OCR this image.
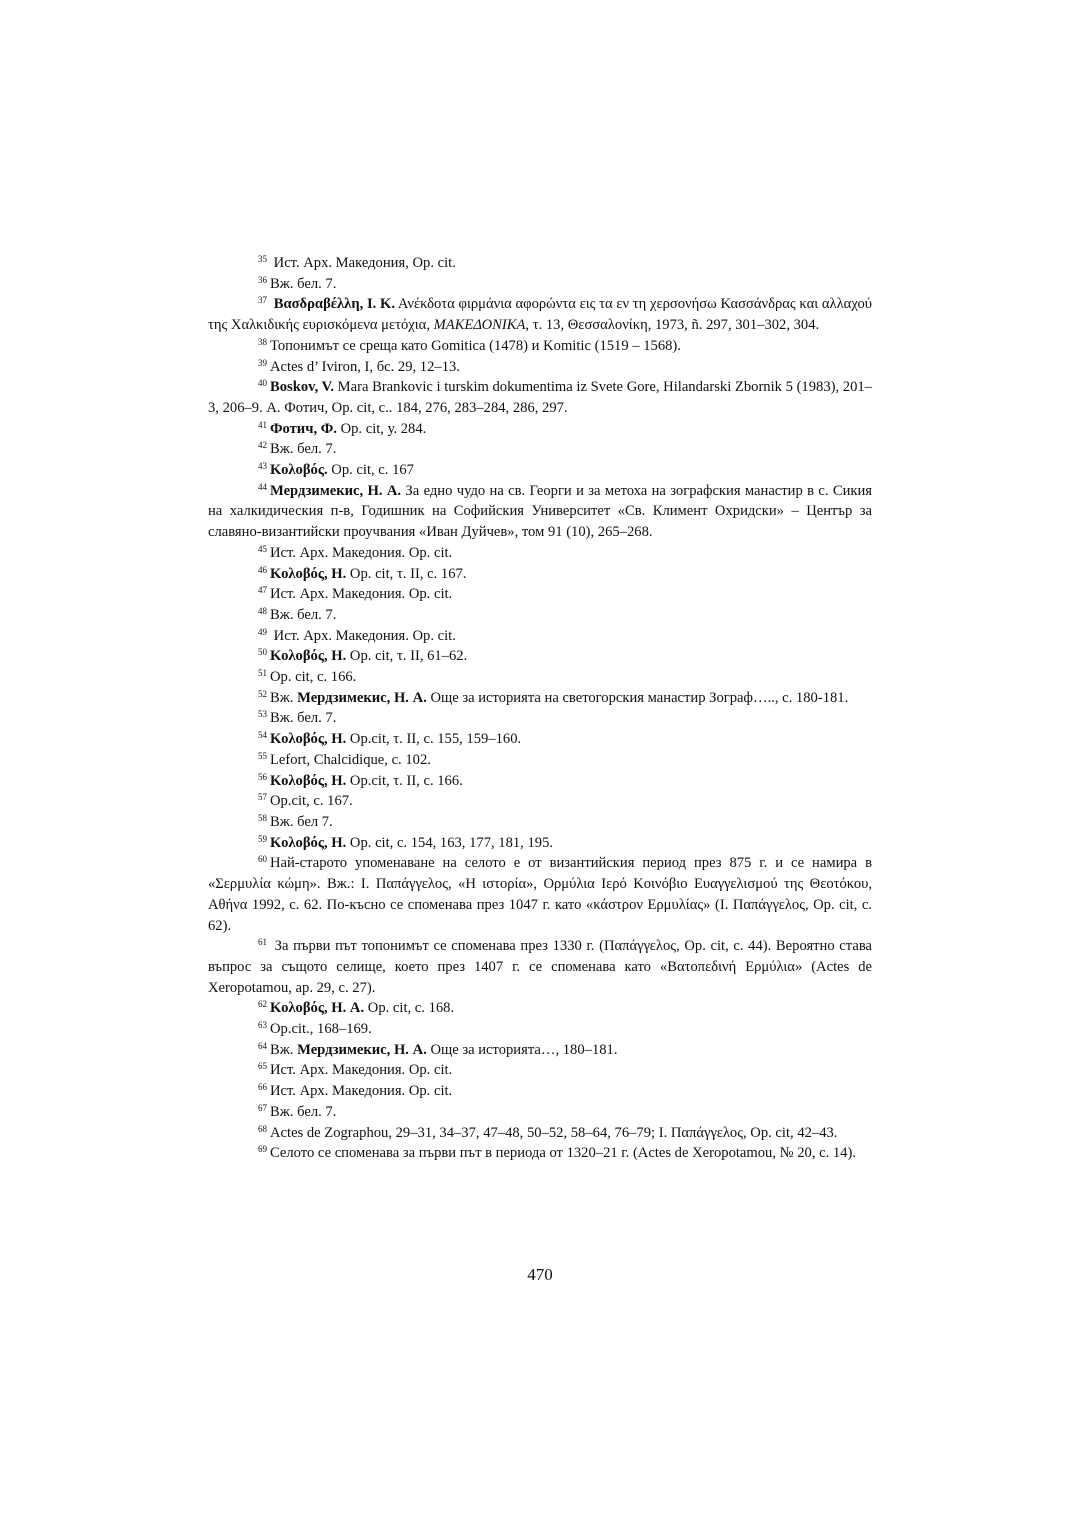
$^{35}$ Ист. Арх. Македония, Op. cit.

$^{36}$ Вж. бел. 7.

$^{37}$ Βασδραβέλλη, Ι. Κ. Ανέκδοτα φιρμάνια αφορώντα εις τα εν τη χερσονήσω Κασσάνδρας και αλλαχού της Χαλκιδικής ευρισκόμενα μετόχια, ΜΑΚΕΔΟΝΙΚΑ, τ. 13, Θεσσαλονίκη, 1973, ñ. 297, 301–302, 304.

$^{38}$ Топонимът се среща като Gomitica (1478) и Komitic (1519 – 1568).

$^{39}$ Actes d’ Iviron, I, бс. 29, 12–13.

$^{40}$ Boskov, V. Mara Brankovic i turskim dokumentima iz Svete Gore, Hilandarski Zbornik 5 (1983), 201–3, 206–9. А. Фотич, Op. cit, с.. 184, 276, 283–284, 286, 297.

$^{41}$ Фотич, Ф. Op. cit, у. 284.

$^{42}$ Вж. бел. 7.

$^{43}$ Κολοβός. Op. cit, с. 167

$^{44}$ Мердзимекис, Н. А. За едно чудо на св. Георги и за метоха на зографския манастир в с. Сикия на халкидическия п-в, Годишник на Софийския Университет «Св. Климент Охридски» – Център за славяно-византийски проучвания «Иван Дуйчев», том 91 (10), 265–268.

$^{45}$ Ист. Арх. Македония. Op. cit.

$^{46}$ Κολοβός, Η. Op. cit, τ. ΙΙ, с. 167.

$^{47}$ Ист. Арх. Македония. Op. cit.

$^{48}$ Вж. бел. 7.

$^{49}$ Ист. Арх. Македония. Op. cit.

$^{50}$ Κολοβός, Η. Op. cit, τ. ΙΙ, 61–62.

$^{51}$ Op. cit, с. 166.

$^{52}$ Вж. Мердзимекис, Н. А. Още за историята на светогорския манастир Зограф….., с. 180-181.

$^{53}$ Вж. бел. 7.

$^{54}$ Κολοβός, Η. Op.cit, τ. ΙΙ, с. 155, 159–160.

$^{55}$ Lefort, Chalcidique, с. 102.

$^{56}$ Κολοβός, Η. Op.cit, τ. ΙΙ, с. 166.

$^{57}$ Op.cit, с. 167.

$^{58}$ Вж. бел 7.

$^{59}$ Κολοβός, Η. Op. cit, с. 154, 163, 177, 181, 195.

$^{60}$ Най-старото упоменаване на селото е от византийския период през 875 г. и се намира в «Σερμυλία κώμη». Вж.: I. Παπάγγελος, «Η ιστορία», Ορμύλια Ιερό Κοινόβιο Ευαγγελισμού της Θεοτόκου, Αθήνα 1992, с. 62. По-късно се споменава през 1047 г. като «κάστρον Ερμυλίας» (I. Παπάγγελος, Op. cit, с. 62).

$^{61}$ За първи път топонимът се споменава през 1330 г. (Παπάγγελος, Op. cit, с. 44). Вероятно става въпрос за същото селище, което през 1407 г. се споменава като «Βατοπεδινή Ερμύλια» (Actes de Xeropotamou, ар. 29, с. 27).

$^{62}$ Κολοβός, Η. А. Op. cit, с. 168.

$^{63}$ Op.cit., 168–169.

$^{64}$ Вж. Мердзимекис, Н. А. Още за историята…, 180–181.

$^{65}$ Ист. Арх. Македония. Op. cit.

$^{66}$ Ист. Арх. Македония. Op. cit.

$^{67}$ Вж. бел. 7.

$^{68}$ Actes de Zographou, 29–31, 34–37, 47–48, 50–52, 58–64, 76–79; I. Παπάγγελος, Op. cit, 42–43.

$^{69}$ Селото се споменава за първи път в периода от 1320–21 г. (Actes de Xeropotamou, № 20, с. 14).

470
